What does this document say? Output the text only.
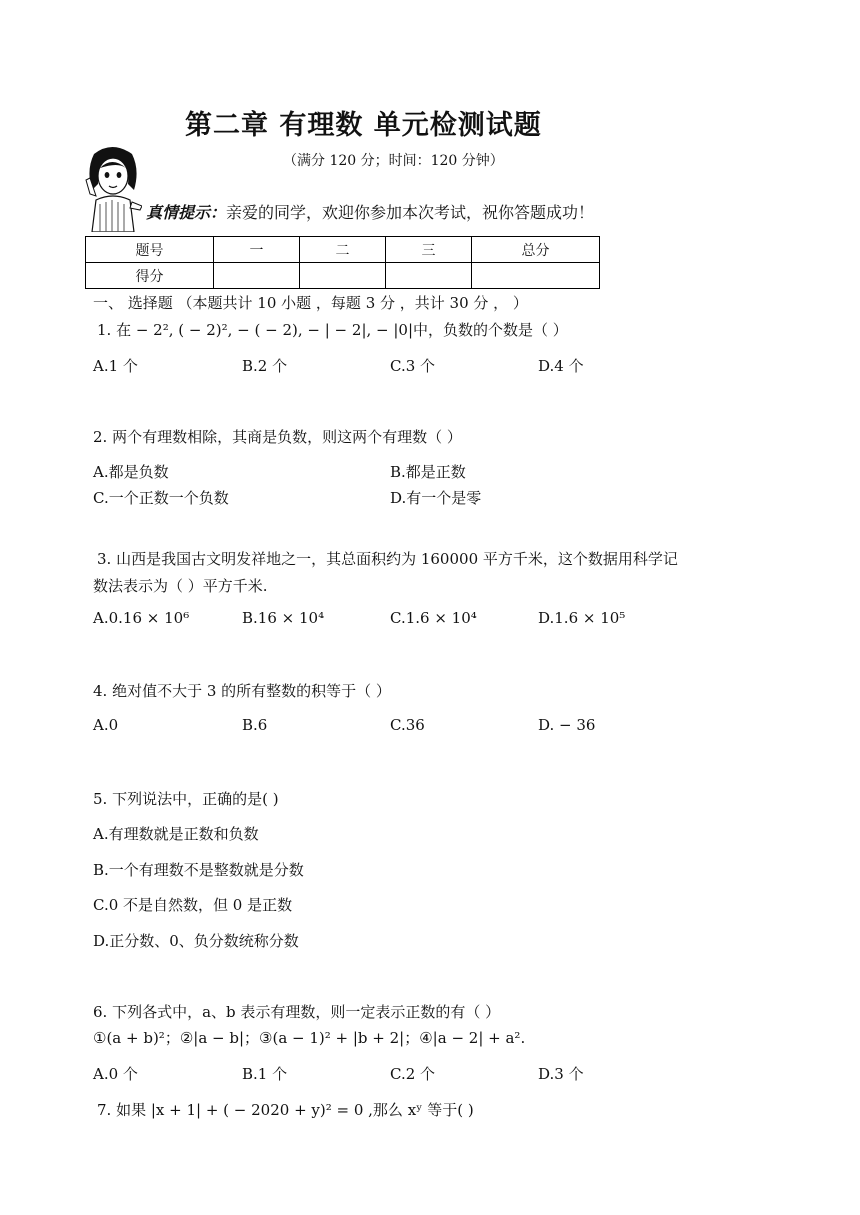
第二章 有理数 单元检测试题
（满分 120 分；时间：120 分钟）
真情提示：亲爱的同学，欢迎你参加本次考试，祝你答题成功！
题号	一	二	三	总分
得分				
一、 选择题 （本题共计 10 小题 ，每题 3 分 ，共计 30 分 ， ）
1. 在 − 2², ( − 2)², − ( − 2), − | − 2|, − |0|中，负数的个数是（ ）
A.1 个	B.2 个	C.3 个	D.4 个
2. 两个有理数相除，其商是负数，则这两个有理数（ ）
A.都是负数	B.都是正数
C.一个正数一个负数	D.有一个是零
3. 山西是我国古文明发祥地之一，其总面积约为 160000 平方千米，这个数据用科学记
数法表示为（ ）平方千米.
A.0.16 × 10⁶	B.16 × 10⁴	C.1.6 × 10⁴	D.1.6 × 10⁵
4. 绝对值不大于 3 的所有整数的积等于（ ）
A.0	B.6	C.36	D. − 36
5. 下列说法中，正确的是( )
A.有理数就是正数和负数
B.一个有理数不是整数就是分数
C.0 不是自然数，但 0 是正数
D.正分数、0、负分数统称分数
6. 下列各式中，a、b 表示有理数，则一定表示正数的有（ ）
①(a + b)²；②|a − b|；③(a − 1)² + |b + 2|；④|a − 2| + a².
A.0 个	B.1 个	C.2 个	D.3 个
7. 如果 |x + 1| + ( − 2020 + y)² = 0 ,那么 xʸ 等于( )
